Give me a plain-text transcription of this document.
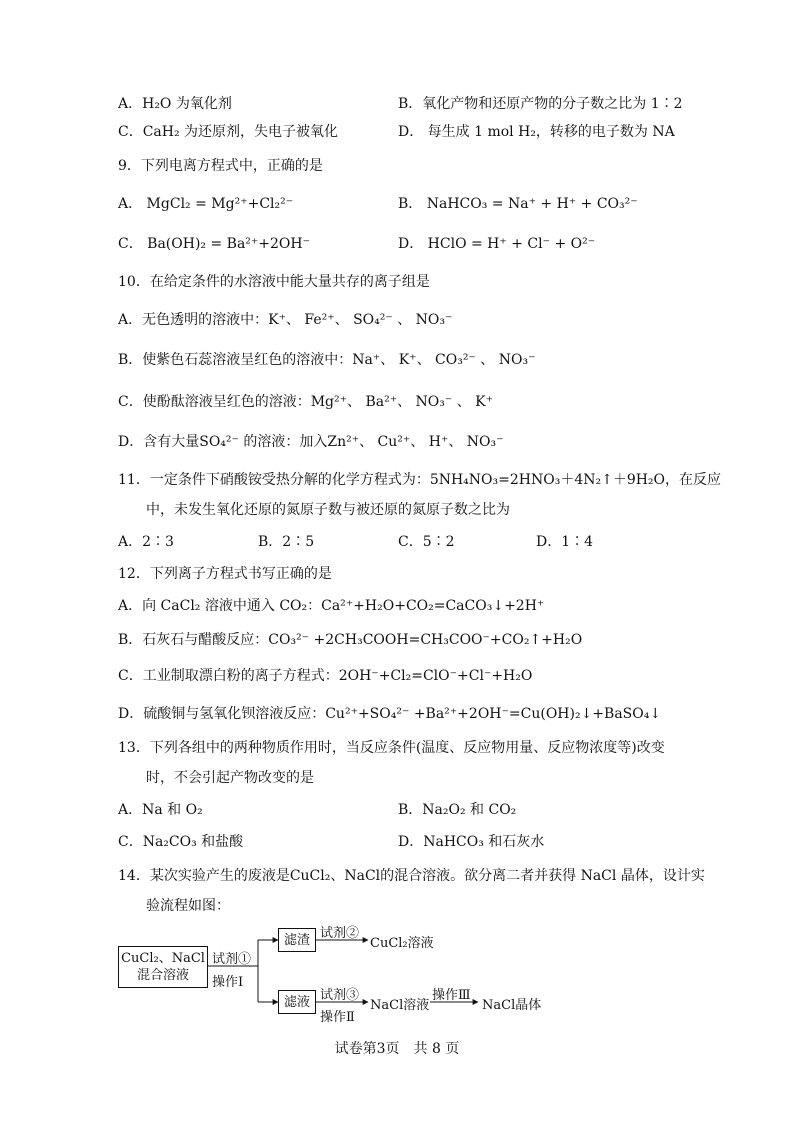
A．H₂O 为氧化剂	B．氧化产物和还原产物的分子数之比为 1∶2
C．CaH₂ 为还原剂，失电子被氧化	D． 每生成 1 mol H₂，转移的电子数为 NA
9．下列电离方程式中，正确的是
A． MgCl₂ = Mg²⁺+Cl₂²⁻	B． NaHCO₃ = Na⁺ + H⁺ + CO₃²⁻
C． Ba(OH)₂ = Ba²⁺+2OH⁻	D． HClO = H⁺ + Cl⁻ + O²⁻
10．在给定条件的水溶液中能大量共存的离子组是
A．无色透明的溶液中：K⁺、 Fe²⁺、 SO₄²⁻ 、 NO₃⁻
B．使紫色石蕊溶液呈红色的溶液中：Na⁺、 K⁺、 CO₃²⁻ 、 NO₃⁻
C．使酚酞溶液呈红色的溶液：Mg²⁺、 Ba²⁺、 NO₃⁻ 、 K⁺
D．含有大量SO₄²⁻ 的溶液：加入Zn²⁺、 Cu²⁺、 H⁺、 NO₃⁻
11．一定条件下硝酸铵受热分解的化学方程式为：5NH₄NO₃=2HNO₃＋4N₂↑＋9H₂O，在反应
中，未发生氧化还原的氮原子数与被还原的氮原子数之比为
A．2∶3	B．2∶5	C．5∶2	D．1∶4
12．下列离子方程式书写正确的是
A．向 CaCl₂ 溶液中通入 CO₂：Ca²⁺+H₂O+CO₂=CaCO₃↓+2H⁺
B．石灰石与醋酸反应：CO₃²⁻ +2CH₃COOH=CH₃COO⁻+CO₂↑+H₂O
C．工业制取漂白粉的离子方程式：2OH⁻+Cl₂=ClO⁻+Cl⁻+H₂O
D．硫酸铜与氢氧化钡溶液反应：Cu²⁺+SO₄²⁻ +Ba²⁺+2OH⁻=Cu(OH)₂↓+BaSO₄↓
13．下列各组中的两种物质作用时，当反应条件(温度、反应物用量、反应物浓度等)改变
时，不会引起产物改变的是
A．Na 和 O₂	B．Na₂O₂ 和 CO₂
C．Na₂CO₃ 和盐酸	D．NaHCO₃ 和石灰水
14．某次实验产生的废液是CuCl₂、NaCl的混合溶液。欲分离二者并获得 NaCl 晶体，设计实
验流程如图：
CuCl₂、NaCl
混合溶液
试剂①
操作Ⅰ
滤渣
滤液
试剂②
CuCl₂溶液
试剂③
操作Ⅱ
NaCl溶液
操作Ⅲ
NaCl晶体
试卷第3页 共 8 页
